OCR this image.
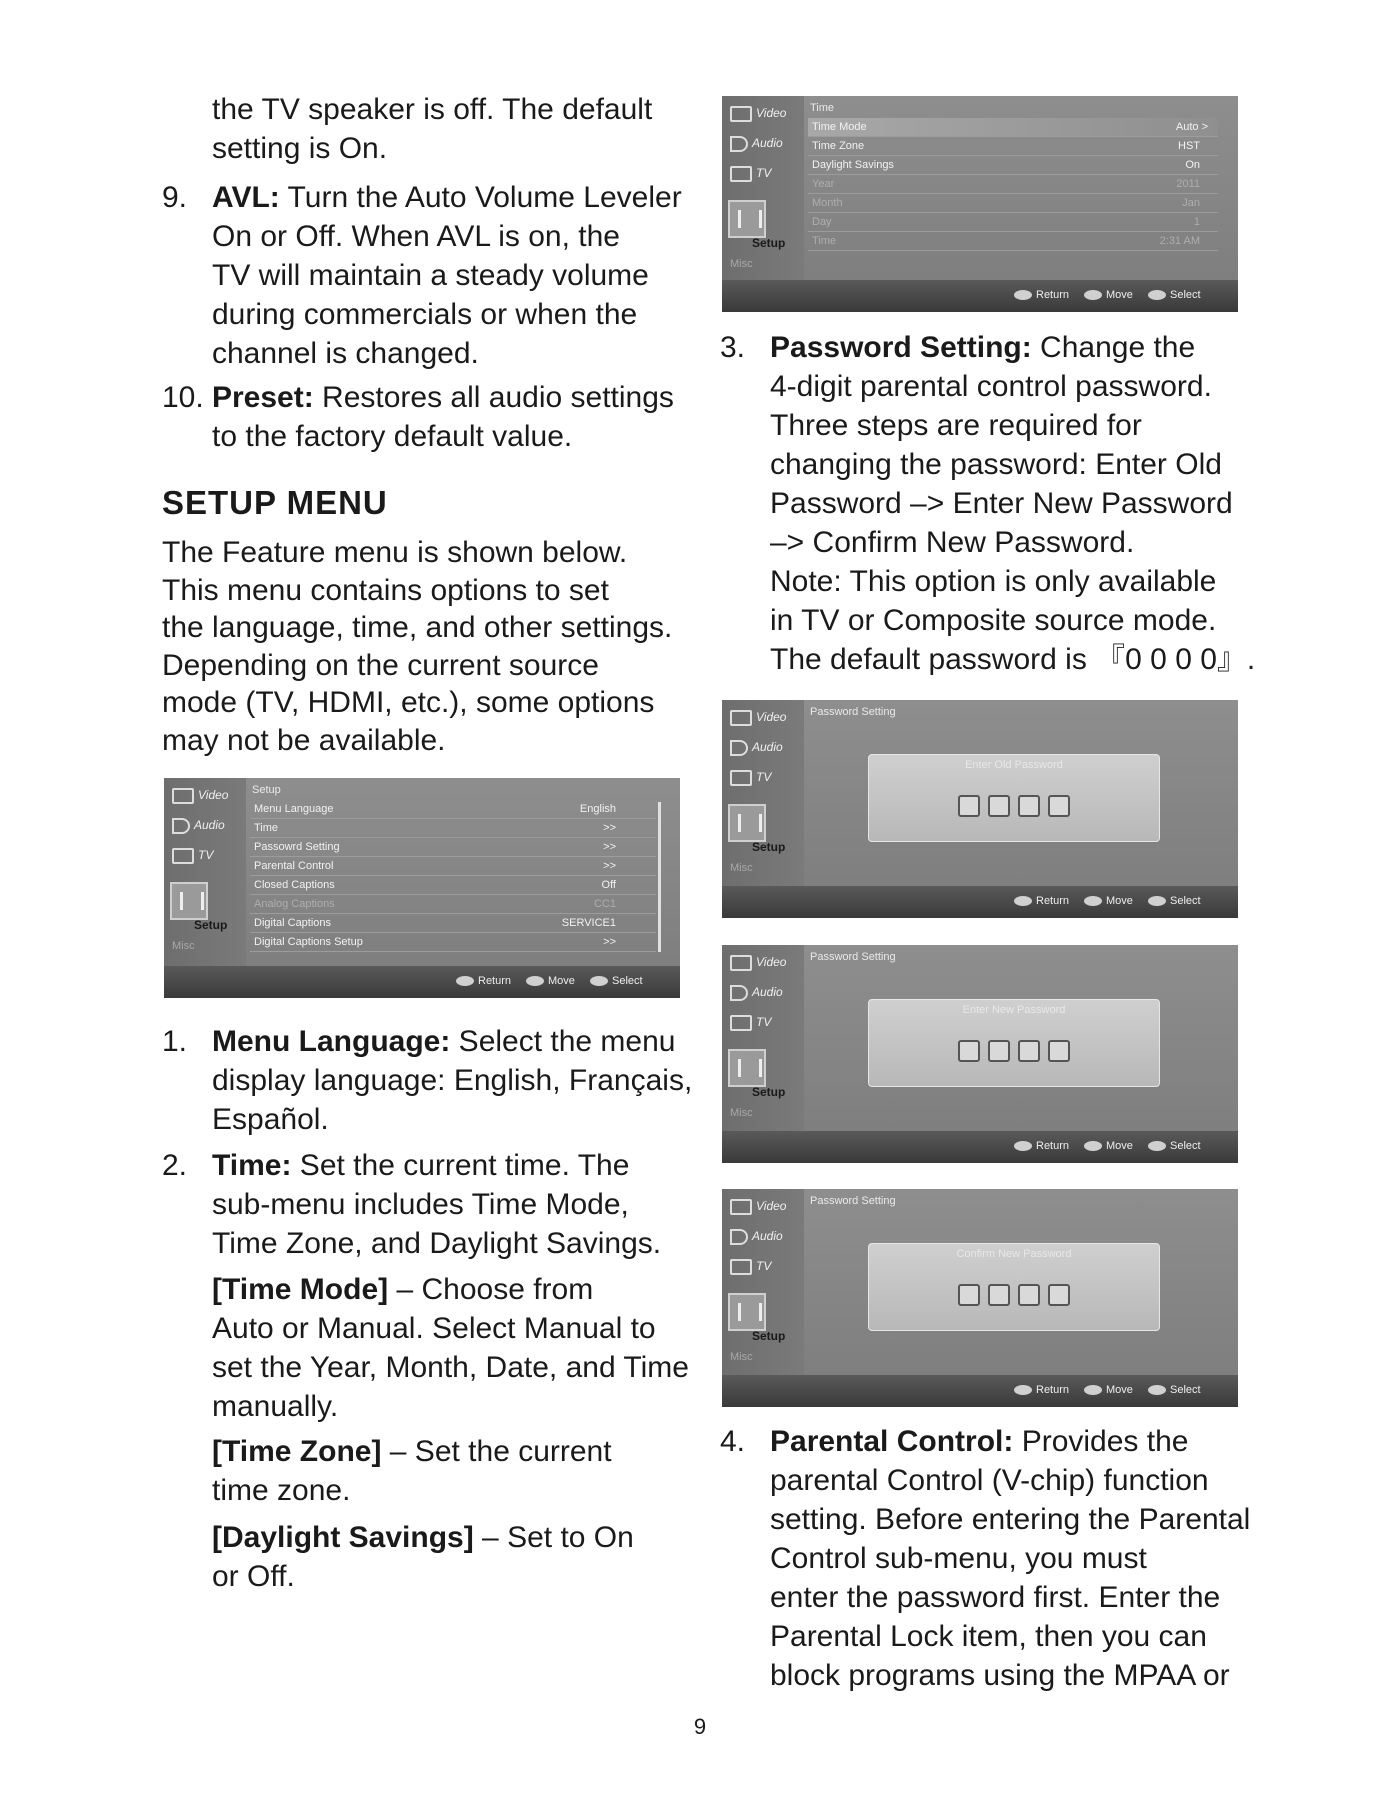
the TV speaker is off. The default
setting is On.
9. AVL: Turn the Auto Volume Leveler
On or Off. When AVL is on, the
TV will maintain a steady volume
during commercials or when the
channel is changed.
10. Preset: Restores all audio settings
to the factory default value.
SETUP MENU
The Feature menu is shown below.
This menu contains options to set
the language, time, and other settings.
Depending on the current source
mode (TV, HDMI, etc.), some options
may not be available.
Video
Audio
TV
Setup
Misc
Setup
Menu Language	English
Time	>>
Passowrd Setting	>>
Parental Control	>>
Closed Captions	Off
Analog Captions	CC1
Digital Captions	SERVICE1
Digital Captions Setup	>>
Return	Move	Select
1. Menu Language: Select the menu
display language: English, Français,
Español.
2. Time: Set the current time. The
sub-menu includes Time Mode,
Time Zone, and Daylight Savings.
[Time Mode] – Choose from
Auto or Manual. Select Manual to
set the Year, Month, Date, and Time
manually.
[Time Zone] – Set the current
time zone.
[Daylight Savings] – Set to On
or Off.
Video
Audio
TV
Setup
Misc
Time
Time Mode	Auto >
Time Zone	HST
Daylight Savings	On
Year	2011
Month	Jan
Day	1
Time	2:31 AM
Return	Move	Select
3. Password Setting: Change the
4-digit parental control password.
Three steps are required for
changing the password: Enter Old
Password –> Enter New Password
–> Confirm New Password.
Note: This option is only available
in TV or Composite source mode.
The default password is 『0 0 0 0』.
Video
Audio
TV
Setup
Misc
Password Setting
Enter Old Password
Return	Move	Select
Video
Audio
TV
Setup
Misc
Password Setting
Enter New Password
Return	Move	Select
Video
Audio
TV
Setup
Misc
Password Setting
Confirm New Password
Return	Move	Select
4. Parental Control: Provides the
parental Control (V-chip) function
setting. Before entering the Parental
Control sub-menu, you must
enter the password first. Enter the
Parental Lock item, then you can
block programs using the MPAA or
9
